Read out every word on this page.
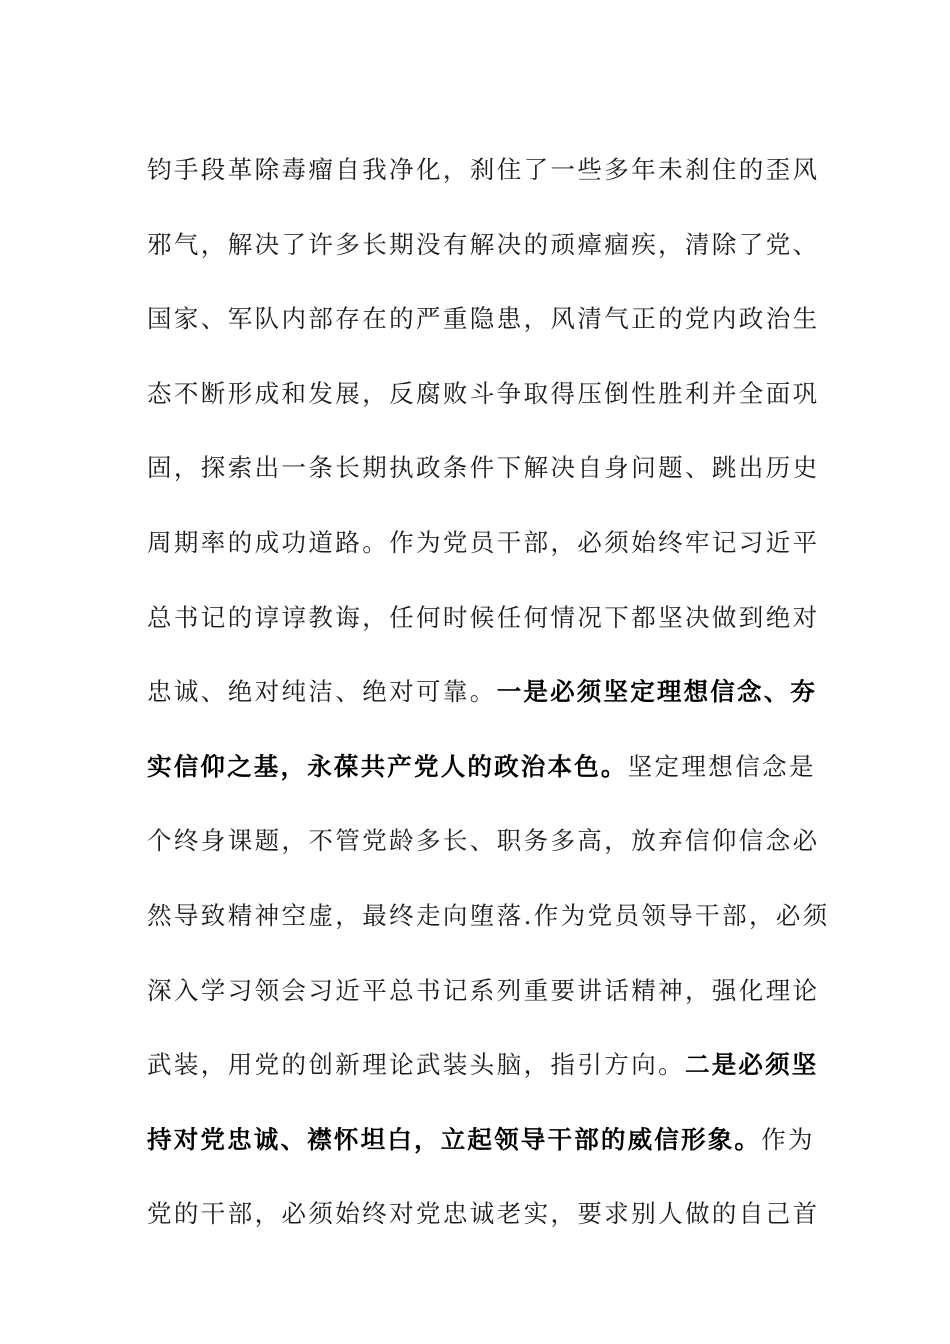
钧手段革除毒瘤自我净化，刹住了一些多年未刹住的歪风
邪气，解决了许多长期没有解决的顽瘴痼疾，清除了党、
国家、军队内部存在的严重隐患，风清气正的党内政治生
态不断形成和发展，反腐败斗争取得压倒性胜利并全面巩
固，探索出一条长期执政条件下解决自身问题、跳出历史
周期率的成功道路。作为党员干部，必须始终牢记习近平
总书记的谆谆教诲，任何时候任何情况下都坚决做到绝对
忠诚、绝对纯洁、绝对可靠。一是必须坚定理想信念、夯
实信仰之基，永葆共产党人的政治本色。坚定理想信念是
个终身课题，不管党龄多长、职务多高，放弃信仰信念必
然导致精神空虚，最终走向堕落.作为党员领导干部，必须
深入学习领会习近平总书记系列重要讲话精神，强化理论
武装，用党的创新理论武装头脑，指引方向。二是必须坚
持对党忠诚、襟怀坦白，立起领导干部的威信形象。作为
党的干部，必须始终对党忠诚老实，要求别人做的自己首
